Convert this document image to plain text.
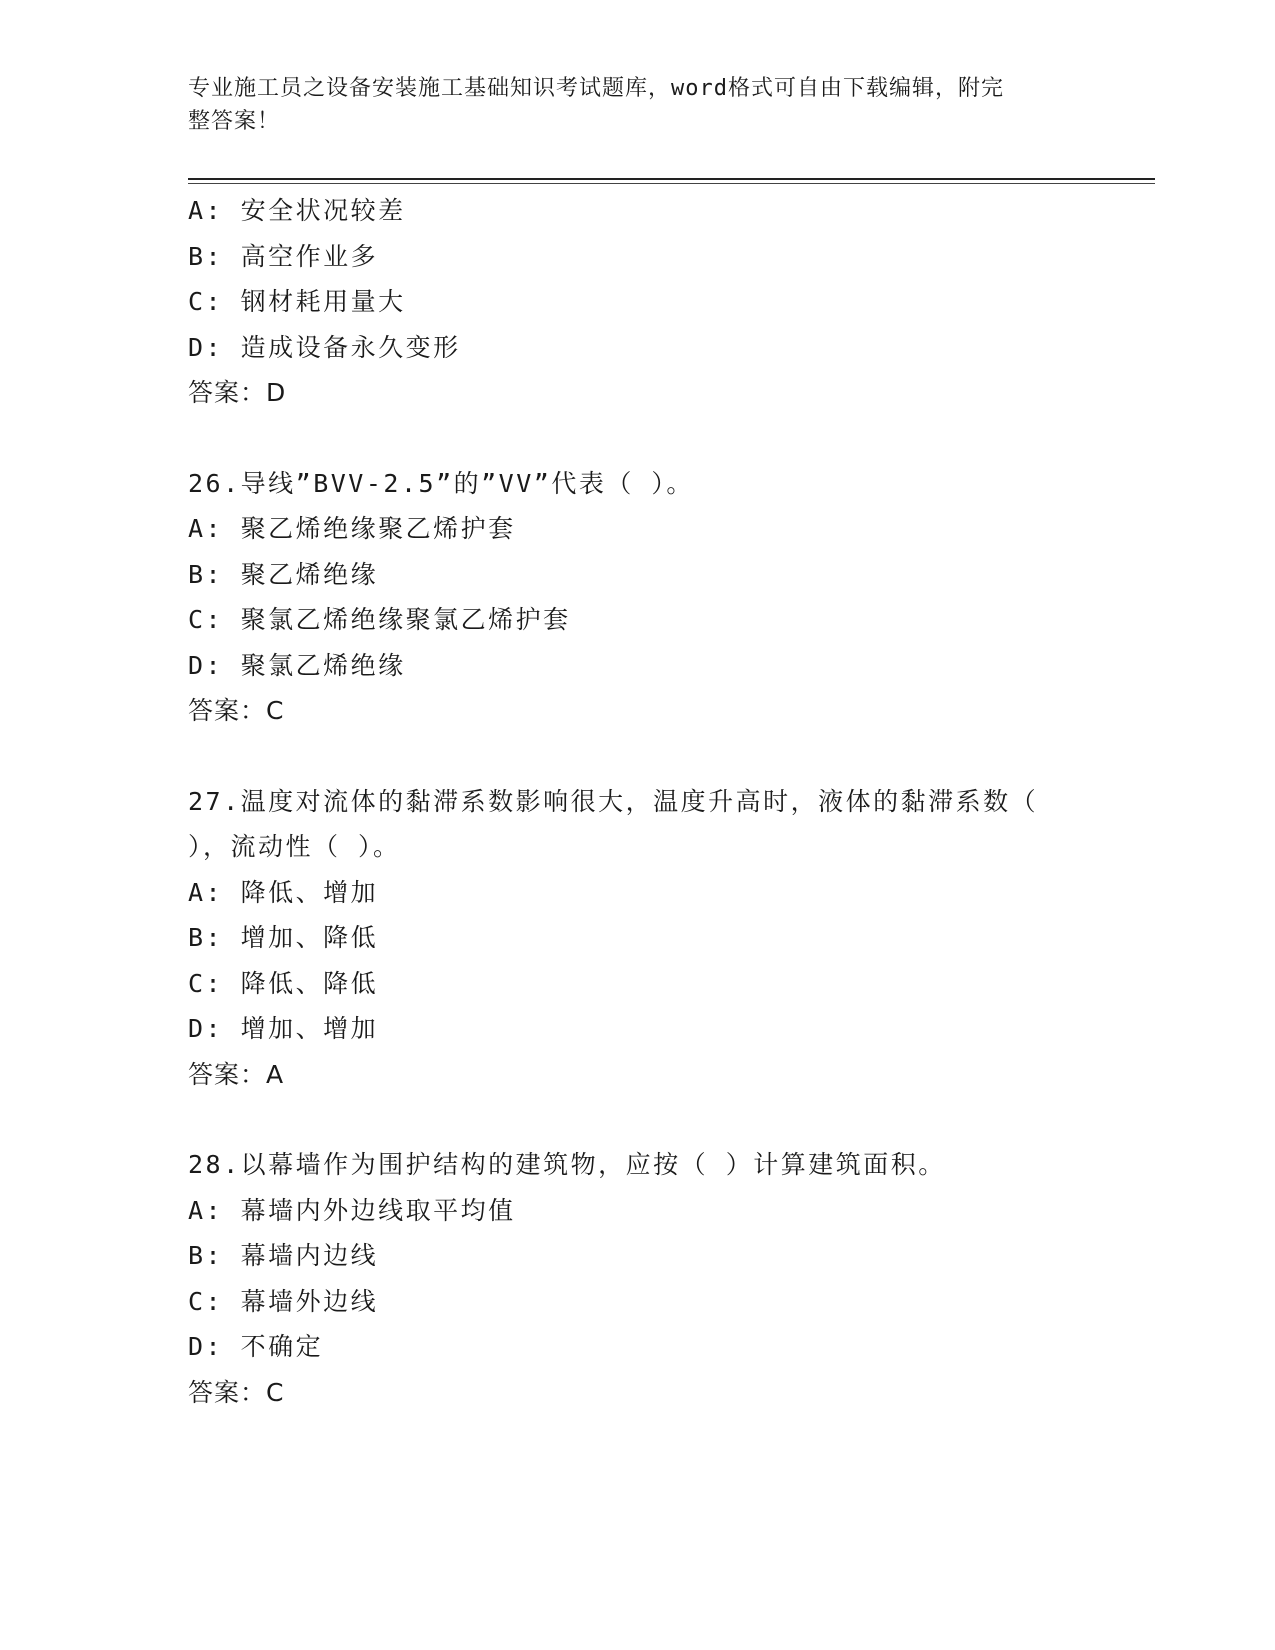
专业施工员之设备安装施工基础知识考试题库，word格式可自由下载编辑，附完
整答案！
A: 安全状况较差
B: 高空作业多
C: 钢材耗用量大
D: 造成设备永久变形
答案：D
26.导线”BVV-2.5”的”VV”代表（ ）。
A: 聚乙烯绝缘聚乙烯护套
B: 聚乙烯绝缘
C: 聚氯乙烯绝缘聚氯乙烯护套
D: 聚氯乙烯绝缘
答案：C
27.温度对流体的黏滞系数影响很大，温度升高时，液体的黏滞系数（
），流动性（ ）。
A: 降低、增加
B: 增加、降低
C: 降低、降低
D: 增加、增加
答案：A
28.以幕墙作为围护结构的建筑物，应按（ ）计算建筑面积。
A: 幕墙内外边线取平均值
B: 幕墙内边线
C: 幕墙外边线
D: 不确定
答案：C
